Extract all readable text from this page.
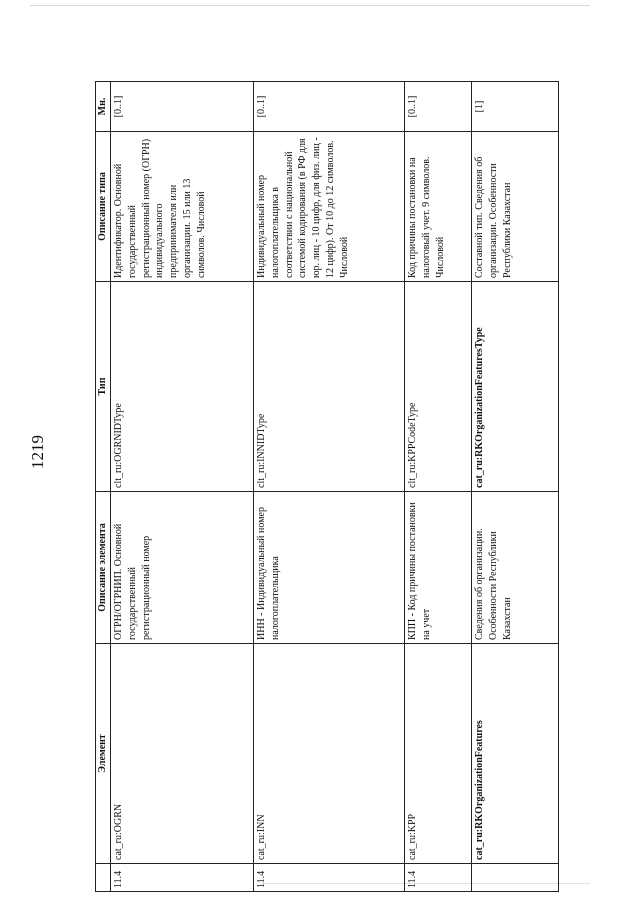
1219
	Элемент	Описание элемента	Тип	Описание типа	Мн.
11.4	cat_ru:OGRN	ОГРН/ОГРНИП. Основной государственный регистрационный номер	clt_ru:OGRNIDType	Идентификатор. Основной государственный регистрационный номер (ОГРН) индивидуального предпринимателя или организации. 15 или 13 символов. Числовой	[0..1]
11.4	cat_ru:INN	ИНН - Индивидуальный номер налогоплательщика	clt_ru:INNIDType	Индивидуальный номер налогоплательщика в соответствии с национальной системой кодирования (в РФ для юр. лиц - 10 цифр, для физ. лиц - 12 цифр). От 10 до 12 символов. Числовой	[0..1]
11.4	cat_ru:KPP	КПП - Код причины постановки на учет	clt_ru:KPPCodeType	Код причины постановки на налоговый учет. 9 символов. Числовой	[0..1]
	cat_ru:RKOrganizationFeatures	Сведения об организации. Особенности Республики Казахстан	cat_ru:RKOrganizationFeaturesType	Составной тип. Сведения об организации. Особенности Республики Казахстан	[1]
